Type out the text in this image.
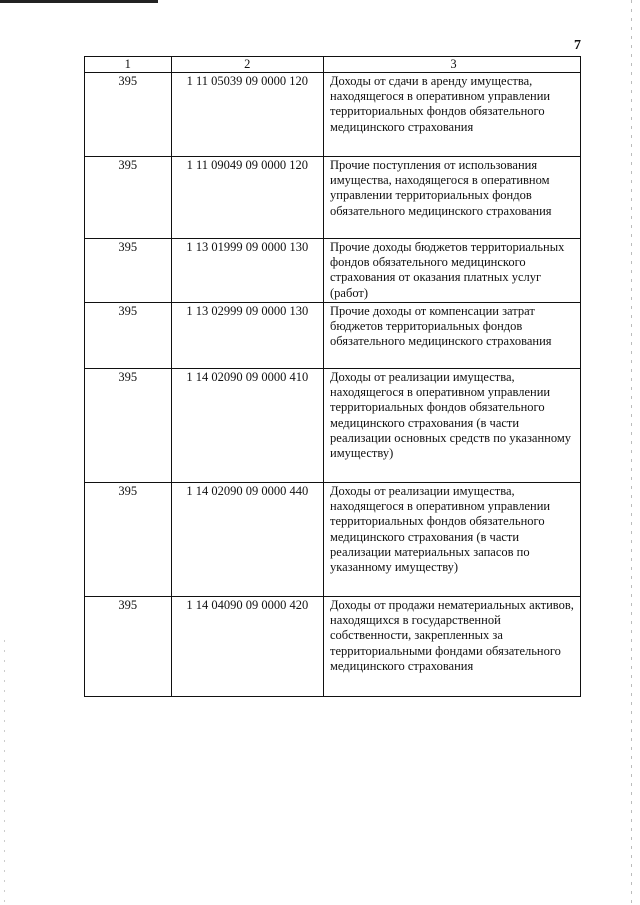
7
1	2	3

395	1 11 05039 09 0000 120	Доходы от сдачи в аренду имущества, находящегося в оперативном управлении территориальных фондов обязательного медицинского страхования

395	1 11 09049 09 0000 120	Прочие поступления от использования имущества, находящегося в оперативном управлении территориальных фондов обязательного медицинского страхования

395	1 13 01999 09 0000 130	Прочие доходы бюджетов территориальных фондов обязательного медицинского страхования от оказания платных услуг (работ)

395	1 13 02999 09 0000 130	Прочие доходы от компенсации затрат бюджетов территориальных фондов обязательного медицинского страхования

395	1 14 02090 09 0000 410	Доходы от реализации имущества, находящегося в оперативном управлении территориальных фондов обязательного медицинского страхования (в части реализации основных средств по указанному имуществу)

395	1 14 02090 09 0000 440	Доходы от реализации имущества, находящегося в оперативном управлении территориальных фондов обязательного медицинского страхования (в части реализации материальных запасов по указанному имуществу)

395	1 14 04090 09 0000 420	Доходы от продажи нематериальных активов, находящихся в государственной собственности, закрепленных за территориальными фондами обязательного медицинского страхования
